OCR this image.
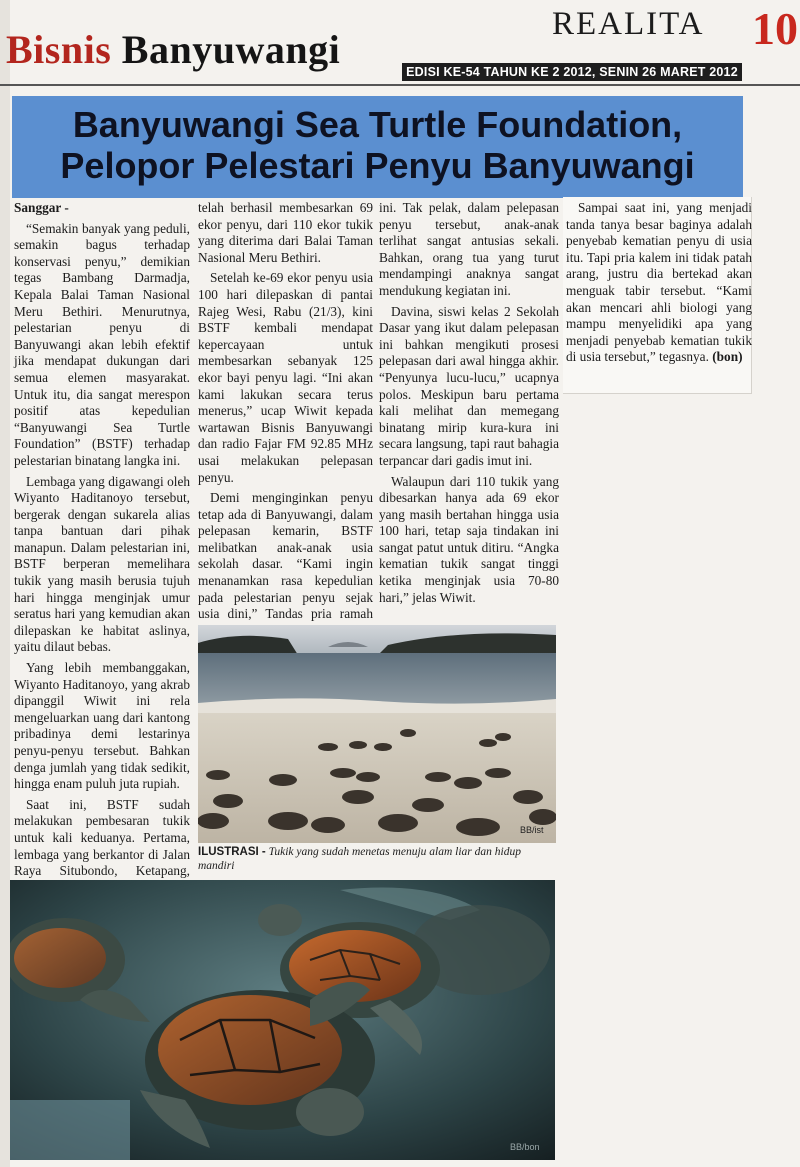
Bisnis Banyuwangi
REALITA 10
EDISI KE-54 TAHUN KE 2 2012, SENIN 26 MARET 2012
Banyuwangi Sea Turtle Foundation,
Pelopor Pelestari Penyu Banyuwangi

Sanggar -

“Semakin banyak yang peduli, semakin bagus terhadap konservasi penyu,” demikian tegas Bambang Darmadja, Kepala Balai Taman Nasional Meru Bethiri. Menurutnya, pelestarian penyu di Banyuwangi akan lebih efektif jika mendapat dukungan dari semua elemen masyarakat. Untuk itu, dia sangat merespon positif atas kepedulian “Banyuwangi Sea Turtle Foundation” (BSTF) terhadap pelestarian binatang langka ini.

Lembaga yang digawangi oleh Wiyanto Haditanoyo tersebut, bergerak dengan sukarela alias tanpa bantuan dari pihak manapun. Dalam pelestarian ini, BSTF berperan memelihara tukik yang masih berusia tujuh hari hingga menginjak umur seratus hari yang kemudian akan dilepaskan ke habitat aslinya, yaitu dilaut bebas.

Yang lebih membanggakan, Wiyanto Haditanoyo, yang akrab dipanggil Wiwit ini rela mengeluarkan uang dari kantong pribadinya demi lestarinya penyu-penyu tersebut. Bahkan denga jumlah yang tidak sedikit, hingga enam puluh juta rupiah.

Saat ini, BSTF sudah melakukan pembesaran tukik untuk kali keduanya. Pertama, lembaga yang berkantor di Jalan Raya Situbondo, Ketapang,

telah berhasil membesarkan 69 ekor penyu, dari 110 ekor tukik yang diterima dari Balai Taman Nasional Meru Bethiri.

Setelah ke-69 ekor penyu usia 100 hari dilepaskan di pantai Rajeg Wesi, Rabu (21/3), kini BSTF kembali mendapat kepercayaan untuk membesarkan sebanyak 125 ekor bayi penyu lagi. “Ini akan kami lakukan secara terus menerus,” ucap Wiwit kepada wartawan Bisnis Banyuwangi dan radio Fajar FM 92.85 MHz usai melakukan pelepasan penyu.

Demi menginginkan penyu tetap ada di Banyuwangi, dalam pelepasan kemarin, BSTF melibatkan anak-anak usia sekolah dasar. “Kami ingin menanamkan rasa kepedulian pada pelestarian penyu sejak usia dini,” Tandas pria ramah

ini. Tak pelak, dalam pelepasan penyu tersebut, anak-anak terlihat sangat antusias sekali. Bahkan, orang tua yang turut mendampingi anaknya sangat mendukung kegiatan ini.

Davina, siswi kelas 2 Sekolah Dasar yang ikut dalam pelepasan ini bahkan mengikuti prosesi pelepasan dari awal hingga akhir. “Penyunya lucu-lucu,” ucapnya polos. Meskipun baru pertama kali melihat dan memegang binatang mirip kura-kura ini secara langsung, tapi raut bahagia terpancar dari gadis imut ini.

Walaupun dari 110 tukik yang dibesarkan hanya ada 69 ekor yang masih bertahan hingga usia 100 hari, tetap saja tindakan ini sangat patut untuk ditiru. “Angka kematian tukik sangat tinggi ketika menginjak usia 70-80 hari,” jelas Wiwit.

Sampai saat ini, yang menjadi tanda tanya besar baginya adalah penyebab kematian penyu di usia itu. Tapi pria kalem ini tidak patah arang, justru dia bertekad akan menguak tabir tersebut. “Kami akan mencari ahli biologi yang mampu menyelidiki apa yang menjadi penyebab kematian tukik di usia tersebut,” tegasnya. (bon)

BB/ist
ILUSTRASI - Tukik yang sudah menetas menuju alam liar dan hidup mandiri
BB/bon
